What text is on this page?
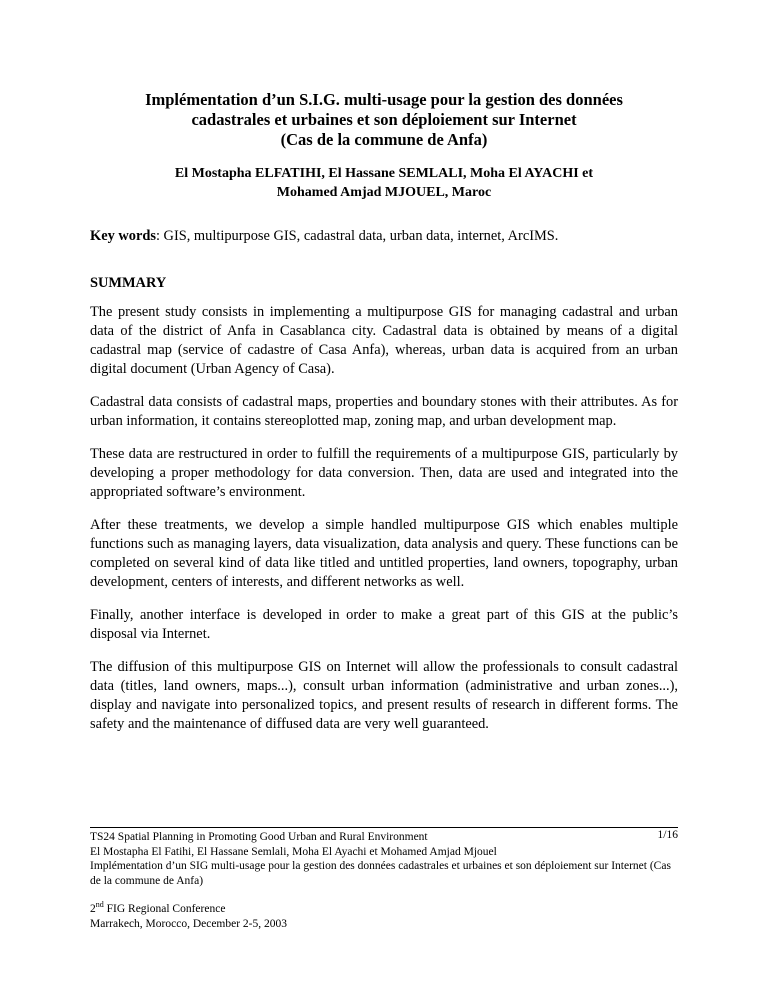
Implémentation d’un S.I.G. multi-usage pour la gestion des données
cadastrales et urbaines et son déploiement sur Internet
(Cas de la commune de Anfa)
El Mostapha ELFATIHI, El Hassane SEMLALI, Moha El AYACHI et
Mohamed Amjad MJOUEL, Maroc
Key words: GIS, multipurpose GIS, cadastral data, urban data, internet, ArcIMS.
SUMMARY

The present study consists in implementing a multipurpose GIS for managing cadastral and urban data of the district of Anfa in Casablanca city. Cadastral data is obtained by means of a digital cadastral map (service of cadastre of Casa Anfa), whereas, urban data is acquired from an urban digital document (Urban Agency of Casa).

Cadastral data consists of cadastral maps, properties and boundary stones with their attributes. As for urban information, it contains stereoplotted map, zoning map, and urban development map.

These data are restructured in order to fulfill the requirements of a multipurpose GIS, particularly by developing a proper methodology for data conversion. Then, data are used and integrated into the appropriated software’s environment.

After these treatments, we develop a simple handled multipurpose GIS which enables multiple functions such as managing layers, data visualization, data analysis and query. These functions can be completed on several kind of data like titled and untitled properties, land owners, topography, urban development, centers of interests, and different networks as well.

Finally, another interface is developed in order to make a great part of this GIS at the public’s disposal via Internet.

The diffusion of this multipurpose GIS on Internet will allow the professionals to consult cadastral data (titles, land owners, maps...), consult urban information (administrative and urban zones...), display and navigate into personalized topics, and present results of research in different forms. The safety and the maintenance of diffused data are very well guaranteed.

1/16
TS24 Spatial Planning in Promoting Good Urban and Rural Environment
El Mostapha El Fatihi, El Hassane Semlali, Moha El Ayachi et Mohamed Amjad Mjouel
Implémentation d’un SIG multi-usage pour la gestion des données cadastrales et urbaines et son déploiement sur Internet (Cas de la commune de Anfa)
2nd FIG Regional Conference
Marrakech, Morocco, December 2-5, 2003
